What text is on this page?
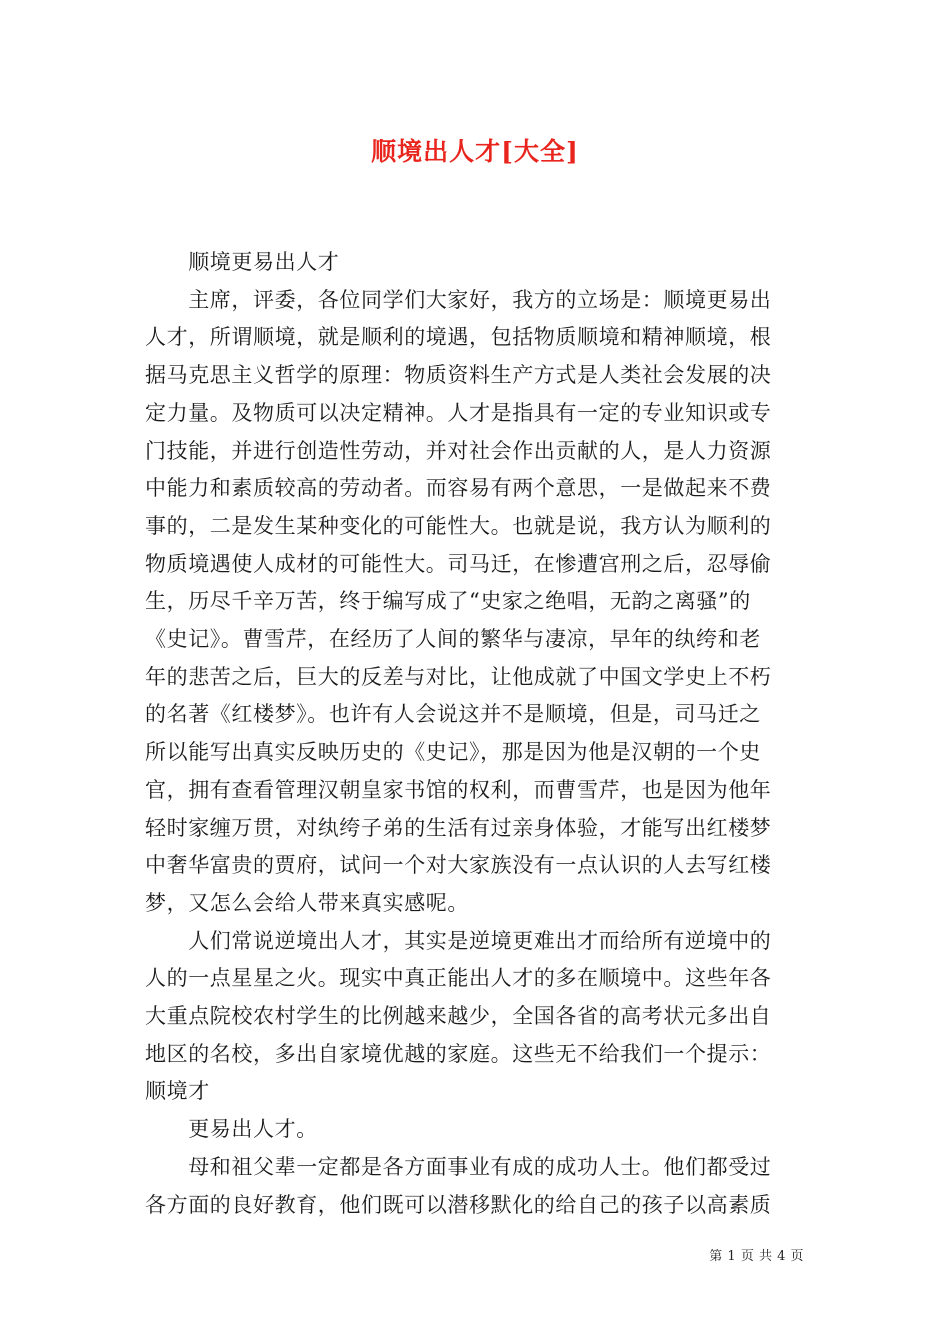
顺境出人才[大全]

　　顺境更易出人才

　　主席，评委，各位同学们大家好，我方的立场是：顺境更易出

人才，所谓顺境，就是顺利的境遇，包括物质顺境和精神顺境，根

据马克思主义哲学的原理：物质资料生产方式是人类社会发展的决

定力量。及物质可以决定精神。人才是指具有一定的专业知识或专

门技能，并进行创造性劳动，并对社会作出贡献的人，是人力资源

中能力和素质较高的劳动者。而容易有两个意思，一是做起来不费

事的，二是发生某种变化的可能性大。也就是说，我方认为顺利的

物质境遇使人成材的可能性大。司马迁，在惨遭宫刑之后，忍辱偷

生，历尽千辛万苦，终于编写成了“史家之绝唱，无韵之离骚”的

《史记》。曹雪芹，在经历了人间的繁华与凄凉，早年的纨绔和老

年的悲苦之后，巨大的反差与对比，让他成就了中国文学史上不朽

的名著《红楼梦》。也许有人会说这并不是顺境，但是，司马迁之

所以能写出真实反映历史的《史记》，那是因为他是汉朝的一个史

官，拥有查看管理汉朝皇家书馆的权利，而曹雪芹，也是因为他年

轻时家缠万贯，对纨绔子弟的生活有过亲身体验，才能写出红楼梦

中奢华富贵的贾府，试问一个对大家族没有一点认识的人去写红楼

梦，又怎么会给人带来真实感呢。

　　人们常说逆境出人才，其实是逆境更难出才而给所有逆境中的

人的一点星星之火。现实中真正能出人才的多在顺境中。这些年各

大重点院校农村学生的比例越来越少，全国各省的高考状元多出自

地区的名校，多出自家境优越的家庭。这些无不给我们一个提示：

顺境才

　　更易出人才。

　　母和祖父辈一定都是各方面事业有成的成功人士。他们都受过

各方面的良好教育，他们既可以潜移默化的给自己的孩子以高素质

第 1 页 共 4 页
